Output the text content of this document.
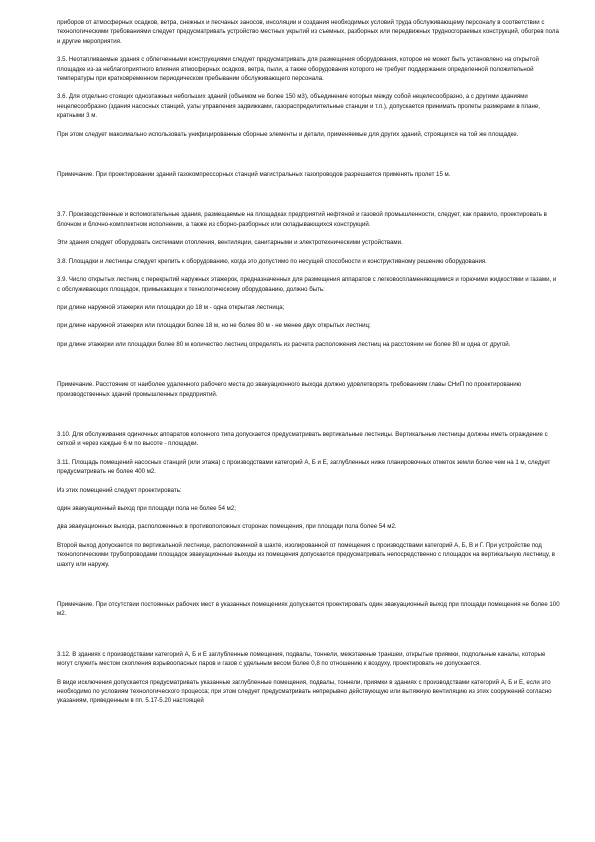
приборов от атмосферных осадков, ветра, снежных и песчаных заносов, инсоляции и создания необходимых условий труда обслуживающему персоналу в соответствии с технологическими требованиями следует предусматривать устройство местных укрытий из съемных, разборных или передвижных трудносгораемых конструкций, обогрев пола и другие мероприятия.

3.5. Неотапливаемые здания с облегченными конструкциями следует предусматривать для размещения оборудования, которое не может быть установлено на открытой площадке из-за неблагоприятного влияния атмосферных осадков, ветра, пыли, а также оборудования которого не требует поддержания определенной положительной температуры при кратковременном периодическом пребывании обслуживающего персонала.

3.6. Для отдельно стоящих одноэтажных небольших зданий (объемом не более 150 м3), объединение которых между собой нецелесообразно, а с другими зданиями нецелесообразно (здания насосных станций, узлы управления задвижками, газораспределительные станции и т.п.), допускается принимать пролеты размерами в плане, кратными 3 м.

При этом следует максимально использовать унифицированные сборные элементы и детали, применяемые для других зданий, строящихся на той же площадке.

Примечание. При проектировании зданий газокомпрессорных станций магистральных газопроводов разрешается применять пролет 15 м.

3.7. Производственные и вспомогательные здания, размещаемые на площадках предприятий нефтяной и газовой промышленности, следует, как правило, проектировать в блочном и блочно-комплектном исполнении, а также из сборно-разборных или складывающихся конструкций.

Эти здания следует оборудовать системами отопления, вентиляции, санитарными и электротехническими устройствами.

3.8. Площадки и лестницы следует крепить к оборудованию, когда это допустимо по несущей способности и конструктивному решению оборудования.

3.9. Число открытых лестниц с перекрытий наружных этажерок, предназначенных для размещения аппаратов с легковоспламеняющимися и горючими жидкостями и газами, и с обслуживающих площадок, примыкающих к технологическому оборудованию, должно быть:

при длине наружной этажерки или площадки до 18 м - одна открытая лестница;

при длине наружной этажерки или площадки более 18 м, но не более 80 м - не менее двух открытых лестниц;

при длине этажерки или площадки более 80 м количество лестниц определять из расчета расположения лестниц на расстоянии не более 80 м одна от другой.

Примечание. Расстояние от наиболее удаленного рабочего места до эвакуационного выхода должно удовлетворять требованиям главы СНиП по проектированию производственных зданий промышленных предприятий.

3.10. Для обслуживания одиночных аппаратов колонного типа допускается предусматривать вертикальные лестницы. Вертикальные лестницы должны иметь ограждение с сеткой и через каждые 6 м по высоте - площадки.

3.11. Площадь помещений насосных станций (или этажа) с производствами категорий А, Б и Е, заглубленных ниже планировочных отметок земли более чем на 1 м, следует предусматривать не более 400 м2.

Из этих помещений следует проектировать:

один эвакуационный выход при площади пола не более 54 м2;

два эвакуационных выхода, расположенных в противоположных сторонах помещения, при площади пола более 54 м2.

Второй выход допускается по вертикальной лестнице, расположенной в шахте, изолированной от помещения с производствами категорий А, Б, В и Г. При устройстве под технологическими трубопроводами площадок эвакуационные выходы из помещения допускается предусматривать непосредственно с площадок на вертикальную лестницу, в шахту или наружу.

Примечание. При отсутствии постоянных рабочих мест в указанных помещениях допускается проектировать один эвакуационный выход при площади помещения не более 100 м2.

3.12. В зданиях с производствами категорий А, Б и Е заглубленные помещения, подвалы, тоннели, межэтажные траншеи, открытые приямки, подпольные каналы, которые могут служить местом скопления взрывоопасных паров и газов с удельным весом более 0,8 по отношению к воздуху, проектировать не допускается.

В виде исключения допускается предусматривать указанные заглубленные помещения, подвалы, тоннели, приямки в зданиях с производствами категорий А, Б и Е, если это необходимо по условиям технологического процесса; при этом следует предусматривать непрерывно действующую или вытяжную вентиляцию из этих сооружений согласно указаниям, приведенным в пп. 5.17-5.20 настоящей
